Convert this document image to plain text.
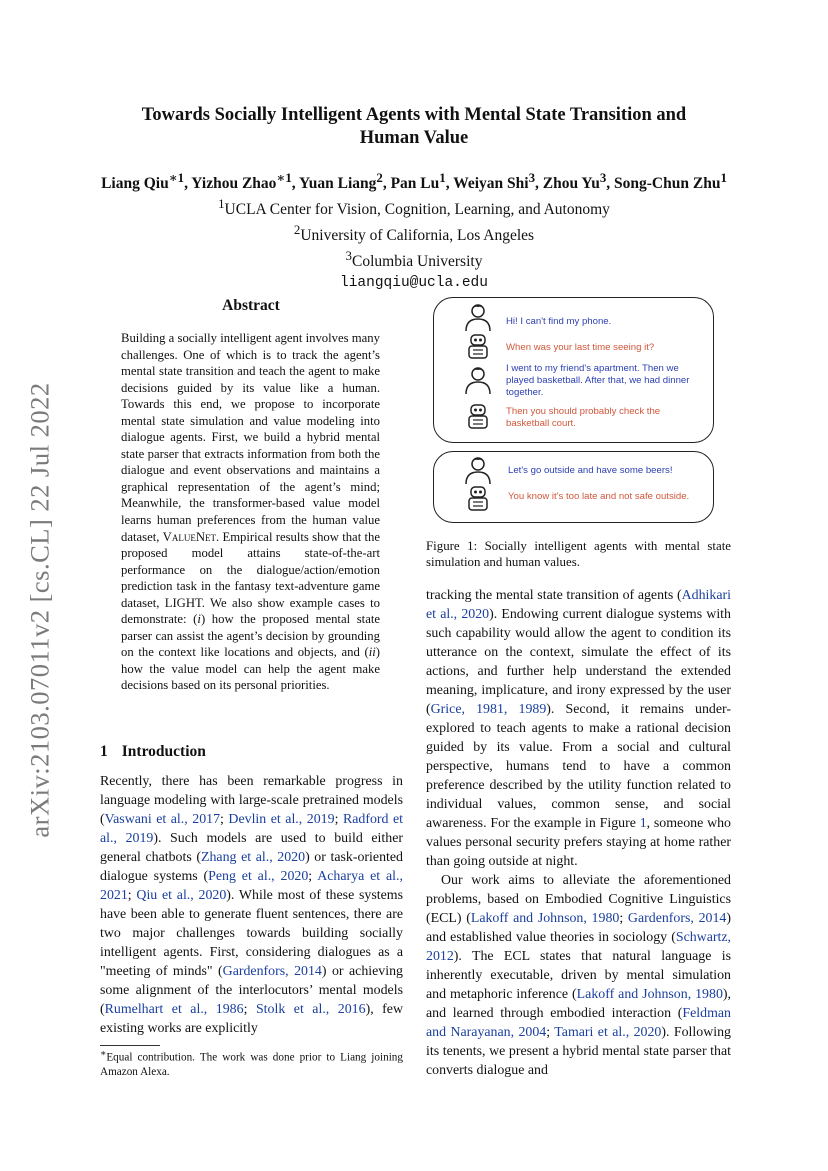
arXiv:2103.07011v2 [cs.CL] 22 Jul 2022
Towards Socially Intelligent Agents with Mental State Transition and
Human Value
Liang Qiu$^{∗1}$, Yizhou Zhao$^{∗1}$, Yuan Liang$^2$, Pan Lu$^1$, Weiyan Shi$^3$, Zhou Yu$^3$, Song-Chun Zhu$^1$
$^1$UCLA Center for Vision, Cognition, Learning, and Autonomy
$^2$University of California, Los Angeles
$^3$Columbia University
liangqiu@ucla.edu
Abstract
Building a socially intelligent agent involves many challenges. One of which is to track the agent’s mental state transition and teach the agent to make decisions guided by its value like a human. Towards this end, we propose to incorporate mental state simulation and value modeling into dialogue agents. First, we build a hybrid mental state parser that extracts information from both the dialogue and event observations and maintains a graphical representation of the agent’s mind; Meanwhile, the transformer-based value model learns human preferences from the human value dataset, ValueNet. Empirical results show that the proposed model attains state-of-the-art performance on the dialogue/action/emotion prediction task in the fantasy text-adventure game dataset, LIGHT. We also show example cases to demonstrate: (i) how the proposed mental state parser can assist the agent’s decision by grounding on the context like locations and objects, and (ii) how the value model can help the agent make decisions based on its personal priorities.
1 Introduction

Recently, there has been remarkable progress in language modeling with large-scale pretrained models (Vaswani et al., 2017; Devlin et al., 2019; Radford et al., 2019). Such models are used to build either general chatbots (Zhang et al., 2020) or task-oriented dialogue systems (Peng et al., 2020; Acharya et al., 2021; Qiu et al., 2020). While most of these systems have been able to generate fluent sentences, there are two major challenges towards building socially intelligent agents. First, considering dialogues as a "meeting of minds" (Gardenfors, 2014) or achieving some alignment of the interlocutors’ mental models (Rumelhart et al., 1986; Stolk et al., 2016), few existing works are explicitly

∗Equal contribution. The work was done prior to Liang joining Amazon Alexa.
Hi! I can't find my phone.
When was your last time seeing it?
I went to my friend's apartment. Then we played basketball. After that, we had dinner together.
Then you should probably check the basketball court.
Let's go outside and have some beers!
You know it's too late and not safe outside.
Figure 1: Socially intelligent agents with mental state simulation and human values.

tracking the mental state transition of agents (Adhikari et al., 2020). Endowing current dialogue systems with such capability would allow the agent to condition its utterance on the context, simulate the effect of its actions, and further help understand the extended meaning, implicature, and irony expressed by the user (Grice, 1981, 1989). Second, it remains under-explored to teach agents to make a rational decision guided by its value. From a social and cultural perspective, humans tend to have a common preference described by the utility function related to individual values, common sense, and social awareness. For the example in Figure 1, someone who values personal security prefers staying at home rather than going outside at night.

Our work aims to alleviate the aforementioned problems, based on Embodied Cognitive Linguistics (ECL) (Lakoff and Johnson, 1980; Gardenfors, 2014) and established value theories in sociology (Schwartz, 2012). The ECL states that natural language is inherently executable, driven by mental simulation and metaphoric inference (Lakoff and Johnson, 1980), and learned through embodied interaction (Feldman and Narayanan, 2004; Tamari et al., 2020). Following its tenents, we present a hybrid mental state parser that converts dialogue and
